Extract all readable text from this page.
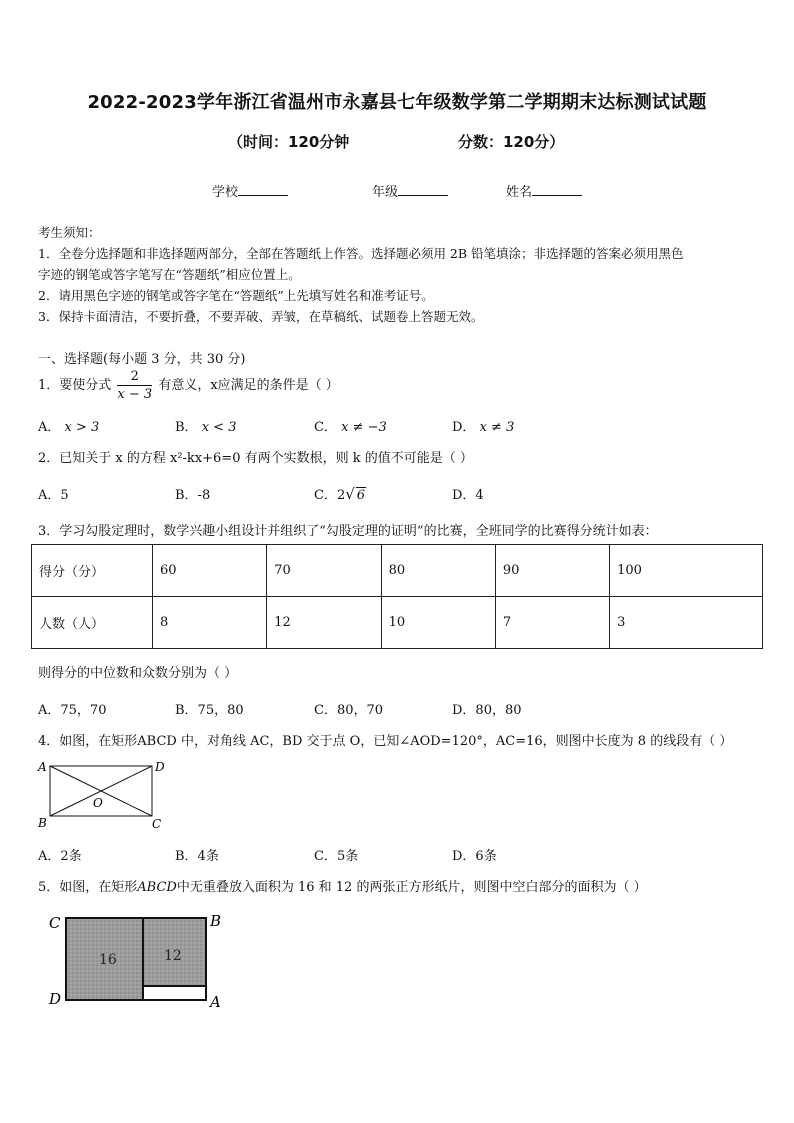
2022-2023学年浙江省温州市永嘉县七年级数学第二学期期末达标测试试题
（时间：120分钟	分数：120分）
学校	年级	姓名
考生须知：
1．全卷分选择题和非选择题两部分，全部在答题纸上作答。选择题必须用 2B 铅笔填涂；非选择题的答案必须用黑色
字迹的钢笔或答字笔写在“答题纸”相应位置上。
2．请用黑色字迹的钢笔或答字笔在“答题纸”上先填写姓名和准考证号。
3．保持卡面清洁，不要折叠，不要弄破、弄皱，在草稿纸、试题卷上答题无效。
一、选择题(每小题 3 分，共 30 分)
1．要使分式 $\frac{2}{x - 3}$ 有意义，x应满足的条件是（ ）
A． x > 3	B． x < 3	C． x ≠ −3	D． x ≠ 3
2．已知关于 x 的方程 x²-kx+6=0 有两个实数根，则 k 的值不可能是（ ）
A．5	B．-8	C．2√ 6	D．4
3．学习勾股定理时，数学兴趣小组设计并组织了“勾股定理的证明”的比赛，全班同学的比赛得分统计如表：
得分（分）	60	70	80	90	100
人数（人）	8	12	10	7	3
则得分的中位数和众数分别为（ ）
A．75，70	B．75，80	C．80，70	D．80，80
4．如图，在矩形ABCD 中，对角线 AC，BD 交于点 O，已知∠AOD=120°，AC=16，则图中长度为 8 的线段有（ ）
A	D
O
B	C
A．2条	B．4条	C．5条	D．6条
5．如图，在矩形ABCD中无重叠放入面积为 16 和 12 的两张正方形纸片，则图中空白部分的面积为（ ）
16	12
C	B
D	A
